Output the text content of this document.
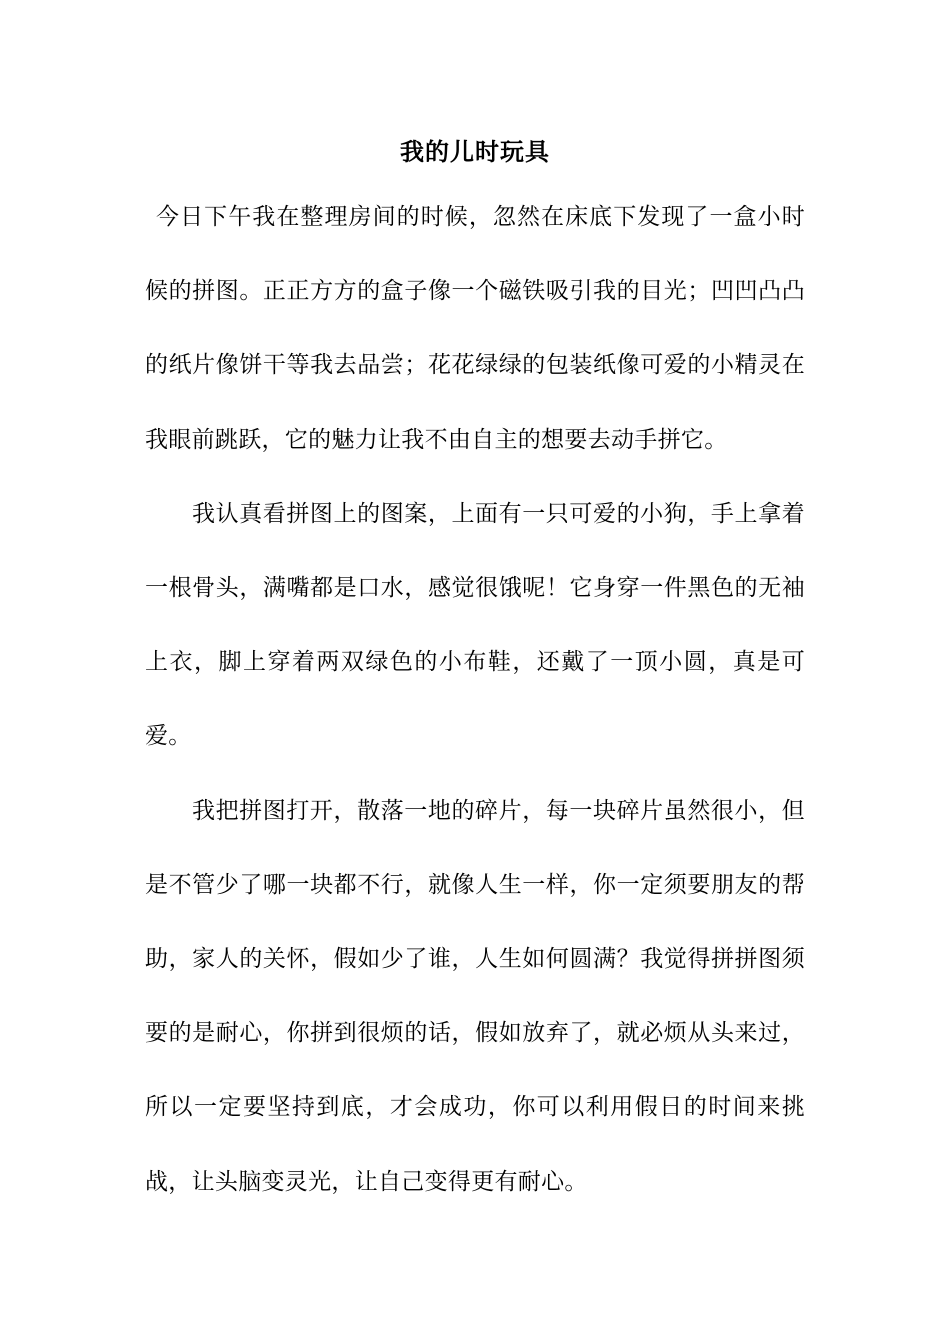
我的儿时玩具

今日下午我在整理房间的时候，忽然在床底下发现了一盒小时候的拼图。正正方方的盒子像一个磁铁吸引我的目光；凹凹凸凸的纸片像饼干等我去品尝；花花绿绿的包装纸像可爱的小精灵在我眼前跳跃，它的魅力让我不由自主的想要去动手拼它。

我认真看拼图上的图案，上面有一只可爱的小狗，手上拿着一根骨头，满嘴都是口水，感觉很饿呢！它身穿一件黑色的无袖上衣，脚上穿着两双绿色的小布鞋，还戴了一顶小圆，真是可爱。

我把拼图打开，散落一地的碎片，每一块碎片虽然很小，但是不管少了哪一块都不行，就像人生一样，你一定须要朋友的帮助，家人的关怀，假如少了谁，人生如何圆满？我觉得拼拼图须要的是耐心，你拼到很烦的话，假如放弃了，就必烦从头来过，所以一定要坚持到底，才会成功，你可以利用假日的时间来挑战，让头脑变灵光，让自己变得更有耐心。
